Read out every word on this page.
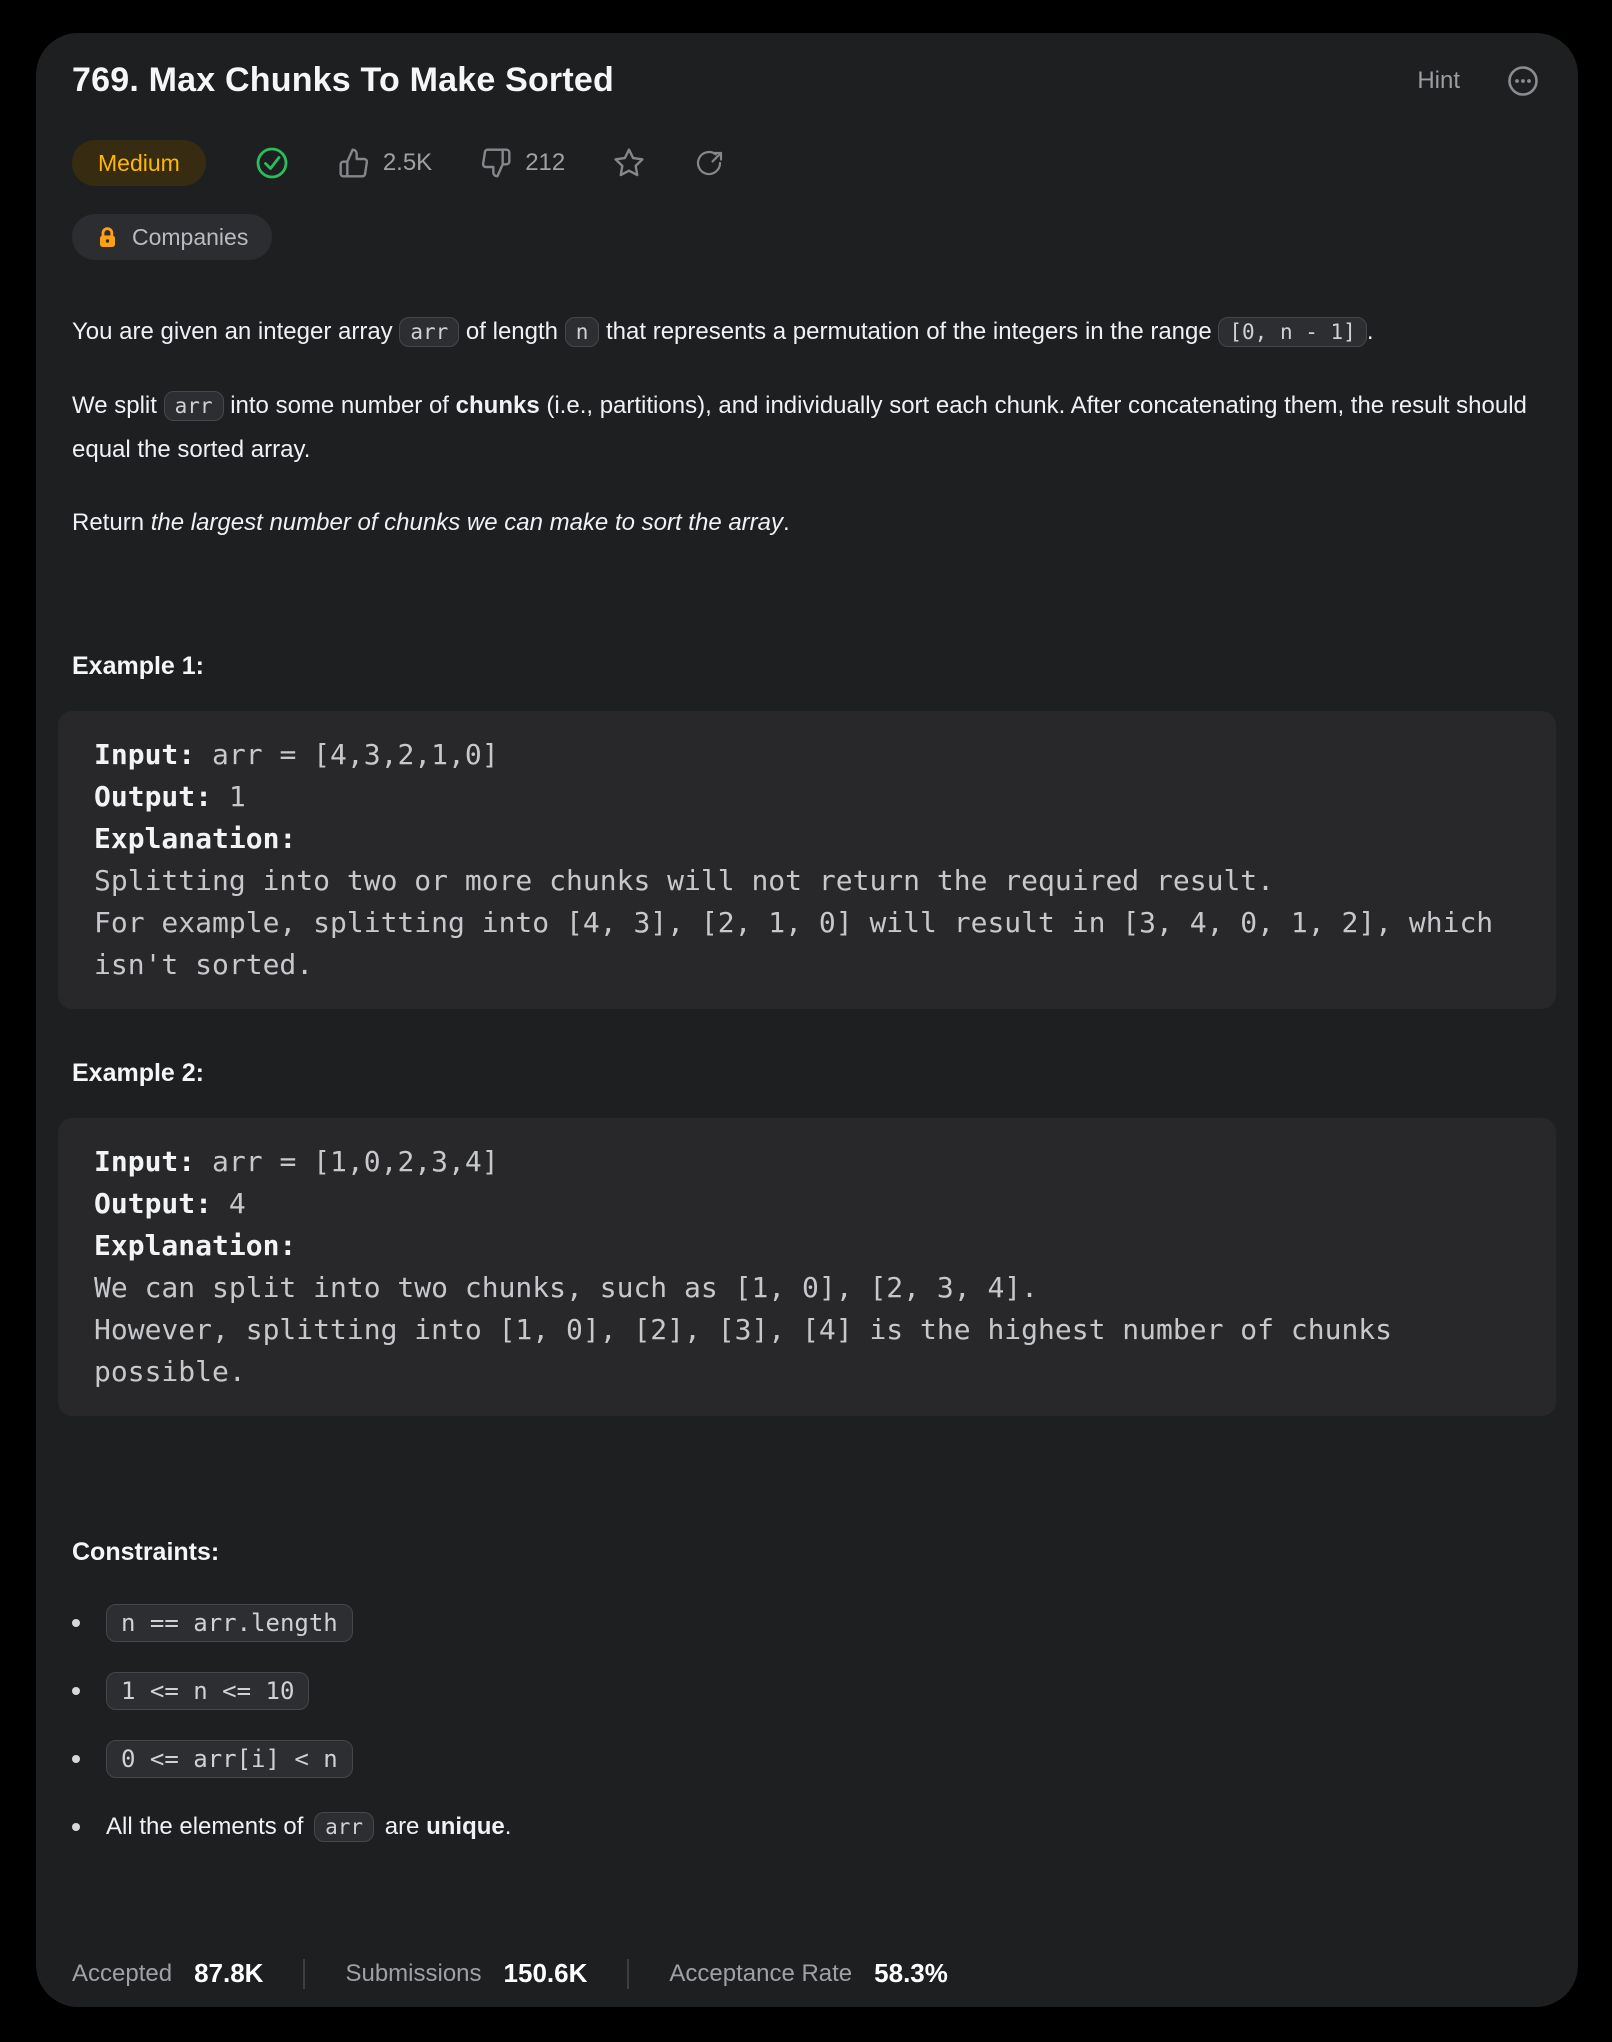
769. Max Chunks To Make Sorted	Hint
Medium	2.5K	212
Companies

You are given an integer array arr of length n that represents a permutation of the integers in the range [0, n - 1] .

We split arr into some number of chunks (i.e., partitions), and individually sort each chunk. After concatenating them, the result should equal the sorted array.

Return the largest number of chunks we can make to sort the array.

Example 1:
Input: arr = [4,3,2,1,0]
Output: 1
Explanation:
Splitting into two or more chunks will not return the required result.
For example, splitting into [4, 3], [2, 1, 0] will result in [3, 4, 0, 1, 2], which isn't sorted.
Example 2:
Input: arr = [1,0,2,3,4]
Output: 4
Explanation:
We can split into two chunks, such as [1, 0], [2, 3, 4].
However, splitting into [1, 0], [2], [3], [4] is the highest number of chunks possible.
Constraints:
n == arr.length
1 <= n <= 10
0 <= arr[i] < n
All the elements of arr are unique.
Accepted 87.8K	Submissions 150.6K	Acceptance Rate 58.3%
